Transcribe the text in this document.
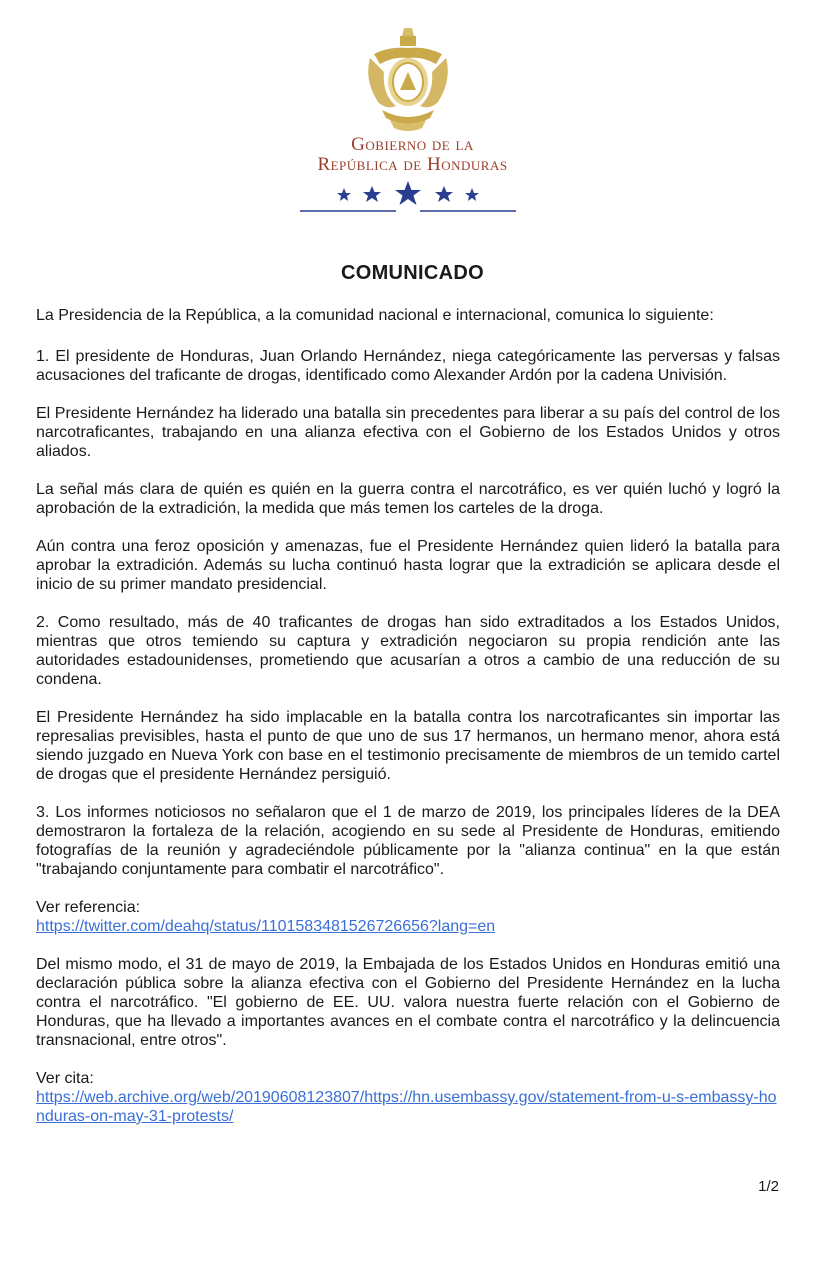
Gobierno de la
República de Honduras
COMUNICADO

La Presidencia de la República, a la comunidad nacional e internacional, comunica lo siguiente:

1. El presidente de Honduras, Juan Orlando Hernández, niega categóricamente las perversas y falsas acusaciones del traficante de drogas, identificado como Alexander Ardón por la cadena Univisión.

El Presidente Hernández ha liderado una batalla sin precedentes para liberar a su país del control de los narcotraficantes, trabajando en una alianza efectiva con el Gobierno de los Estados Unidos y otros aliados.

La señal más clara de quién es quién en la guerra contra el narcotráfico, es ver quién luchó y logró la aprobación de la extradición, la medida que más temen los carteles de la droga.

Aún contra una feroz oposición y amenazas, fue el Presidente Hernández quien lideró la batalla para aprobar la extradición. Además su lucha continuó hasta lograr que la extradición se aplicara desde el inicio de su primer mandato presidencial.

2. Como resultado, más de 40 traficantes de drogas han sido extraditados a los Estados Unidos, mientras que otros temiendo su captura y extradición negociaron su propia rendición ante las autoridades estadounidenses, prometiendo que acusarían a otros a cambio de una reducción de su condena.

El Presidente Hernández ha sido implacable en la batalla contra los narcotraficantes sin importar las represalias previsibles, hasta el punto de que uno de sus 17 hermanos, un hermano menor, ahora está siendo juzgado en Nueva York con base en el testimonio precisamente de miembros de un temido cartel de drogas que el presidente Hernández persiguió.

3. Los informes noticiosos no señalaron que el 1 de marzo de 2019, los principales líderes de la DEA demostraron la fortaleza de la relación, acogiendo en su sede al Presidente de Honduras, emitiendo fotografías de la reunión y agradeciéndole públicamente por la "alianza continua" en la que están "trabajando conjuntamente para combatir el narcotráfico".

Ver referencia:
https://twitter.com/deahq/status/1101583481526726656?lang=en

Del mismo modo, el 31 de mayo de 2019, la Embajada de los Estados Unidos en Honduras emitió una declaración pública sobre la alianza efectiva con el Gobierno del Presidente Hernández en la lucha contra el narcotráfico. "El gobierno de EE. UU. valora nuestra fuerte relación con el Gobierno de Honduras, que ha llevado a importantes avances en el combate contra el narcotráfico y la delincuencia transnacional, entre otros".

Ver cita:
https://web.archive.org/web/20190608123807/https://hn.usembassy.gov/statement-from-u-s-embassy-honduras-on-may-31-protests/

1/2
